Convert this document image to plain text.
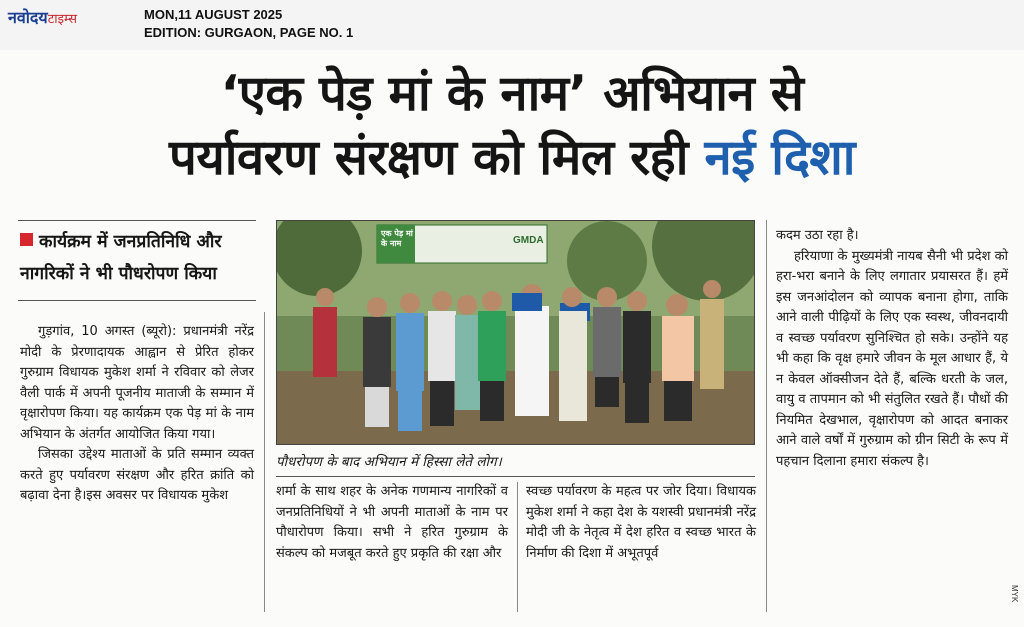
नवोदयटाइम्स	MON,11 AUGUST 2025
EDITION: GURGAON, PAGE NO. 1
‘एक पेड़ मां के नाम’ अभियान से
पर्यावरण संरक्षण को मिल रही नई दिशा
कार्यक्रम में जनप्रतिनिधि और
नागरिकों ने भी पौधरोपण किया

गुड़गांव, 10 अगस्त (ब्यूरो): प्रधानमंत्री नरेंद्र मोदी के प्रेरणादायक आह्वान से प्रेरित होकर गुरुग्राम विधायक मुकेश शर्मा ने रविवार को लेजर वैली पार्क में अपनी पूजनीय माताजी के सम्मान में वृक्षारोपण किया। यह कार्यक्रम एक पेड़ मां के नाम अभियान के अंतर्गत आयोजित किया गया।

जिसका उद्देश्य माताओं के प्रति सम्मान व्यक्त करते हुए पर्यावरण संरक्षण और हरित क्रांति को बढ़ावा देना है।इस अवसर पर विधायक मुकेश

एक पेड़ मां के नाम	GMDA
पौधरोपण के बाद अभियान में हिस्सा लेते लोग।

शर्मा के साथ शहर के अनेक गणमान्य नागरिकों व जनप्रतिनिधियों ने भी अपनी माताओं के नाम पर पौधारोपण किया। सभी ने हरित गुरुग्राम के संकल्प को मजबूत करते हुए प्रकृति की रक्षा और

स्वच्छ पर्यावरण के महत्व पर जोर दिया। विधायक मुकेश शर्मा ने कहा देश के यशस्वी प्रधानमंत्री नरेंद्र मोदी जी के नेतृत्व में देश हरित व स्वच्छ भारत के निर्माण की दिशा में अभूतपूर्व

कदम उठा रहा है।

हरियाणा के मुख्यमंत्री नायब सैनी भी प्रदेश को हरा-भरा बनाने के लिए लगातार प्रयासरत हैं। हमें इस जनआंदोलन को व्यापक बनाना होगा, ताकि आने वाली पीढ़ियों के लिए एक स्वस्थ, जीवनदायी व स्वच्छ पर्यावरण सुनिश्चित हो सके। उन्होंने यह भी कहा कि वृक्ष हमारे जीवन के मूल आधार हैं, ये न केवल ऑक्सीजन देते हैं, बल्कि धरती के जल, वायु व तापमान को भी संतुलित रखते हैं। पौधों की नियमित देखभाल, वृक्षारोपण को आदत बनाकर आने वाले वर्षों में गुरुग्राम को ग्रीन सिटी के रूप में पहचान दिलाना हमारा संकल्प है।

MYK
